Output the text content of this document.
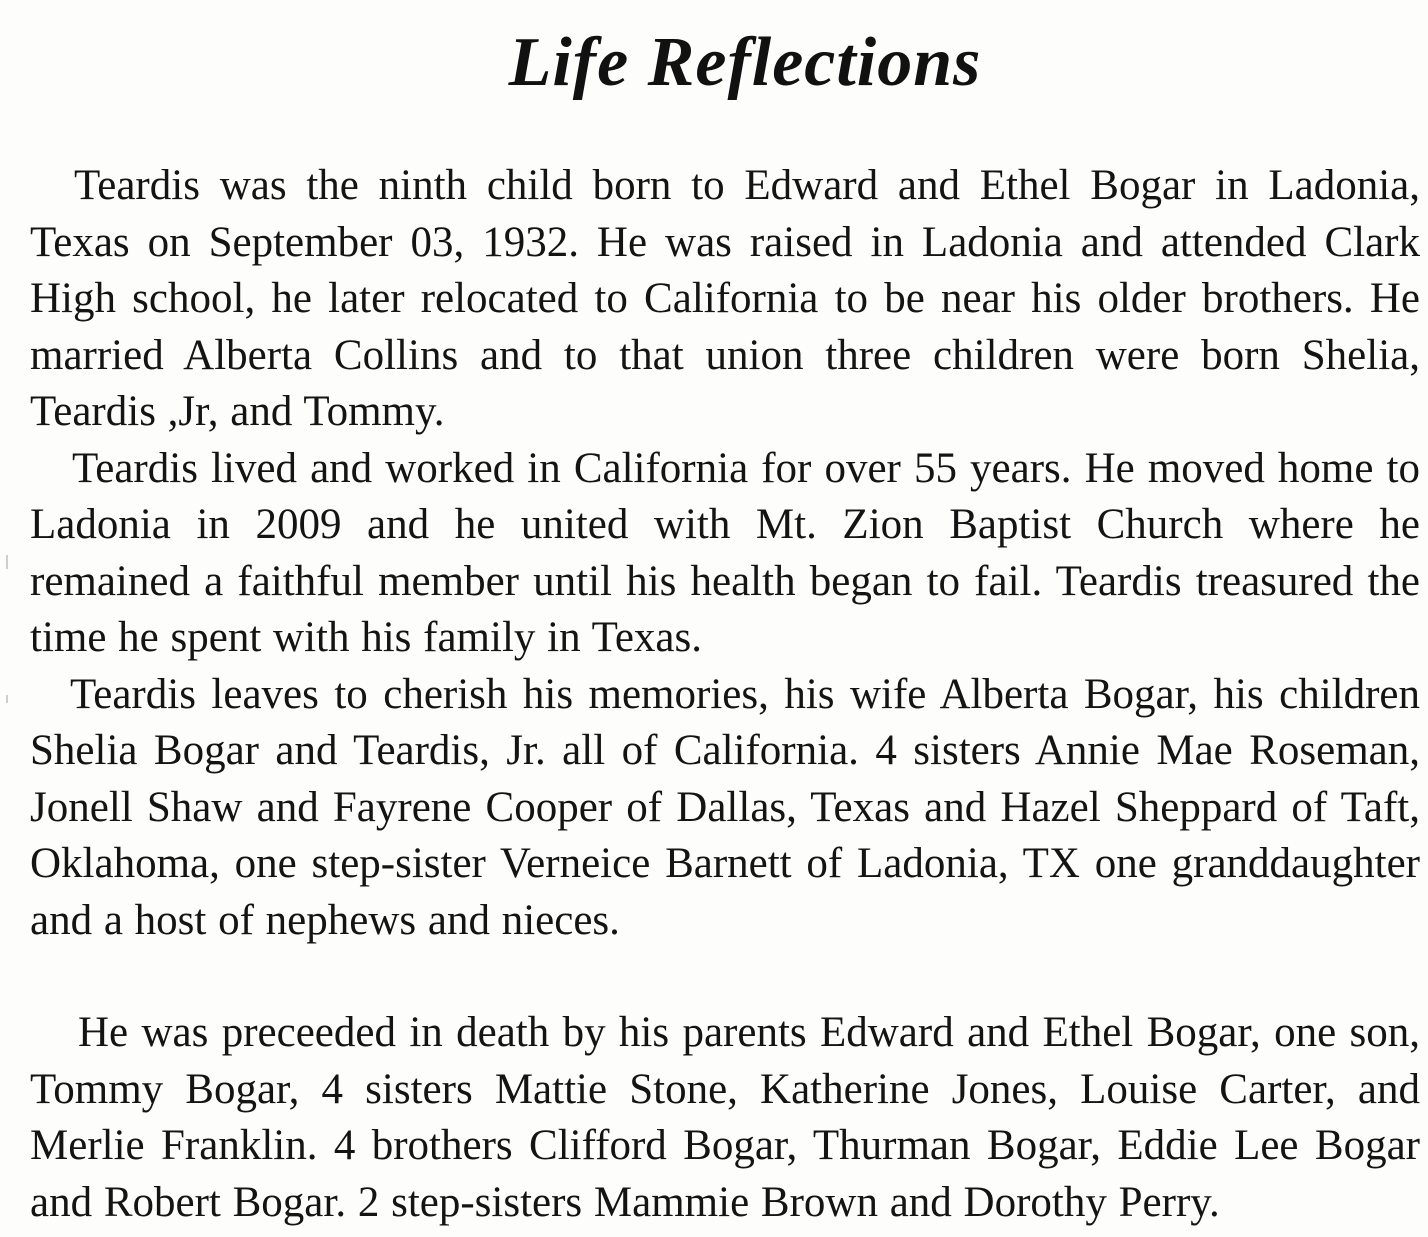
Life Reflections

Teardis was the ninth child born to Edward and Ethel Bogar in Ladonia, Texas on September 03, 1932. He was raised in Ladonia and attended Clark High school, he later relocated to California to be near his older brothers. He married Alberta Collins and to that union three children were born Shelia, Teardis ,Jr, and Tommy.

Teardis lived and worked in California for over 55 years. He moved home to Ladonia in 2009 and he united with Mt. Zion Baptist Church where he remained a faithful member until his health began to fail. Teardis treasured the time he spent with his family in Texas.

Teardis leaves to cherish his memories, his wife Alberta Bogar, his children Shelia Bogar and Teardis, Jr. all of California. 4 sisters Annie Mae Roseman, Jonell Shaw and Fayrene Cooper of Dallas, Texas and Hazel Sheppard of Taft, Oklahoma, one step-sister Verneice Barnett of Ladonia, TX one granddaughter and a host of nephews and nieces.

He was preceeded in death by his parents Edward and Ethel Bogar, one son, Tommy Bogar, 4 sisters Mattie Stone, Katherine Jones, Louise Carter, and Merlie Franklin. 4 brothers Clifford Bogar, Thurman Bogar, Eddie Lee Bogar and Robert Bogar. 2 step-sisters Mammie Brown and Dorothy Perry.
